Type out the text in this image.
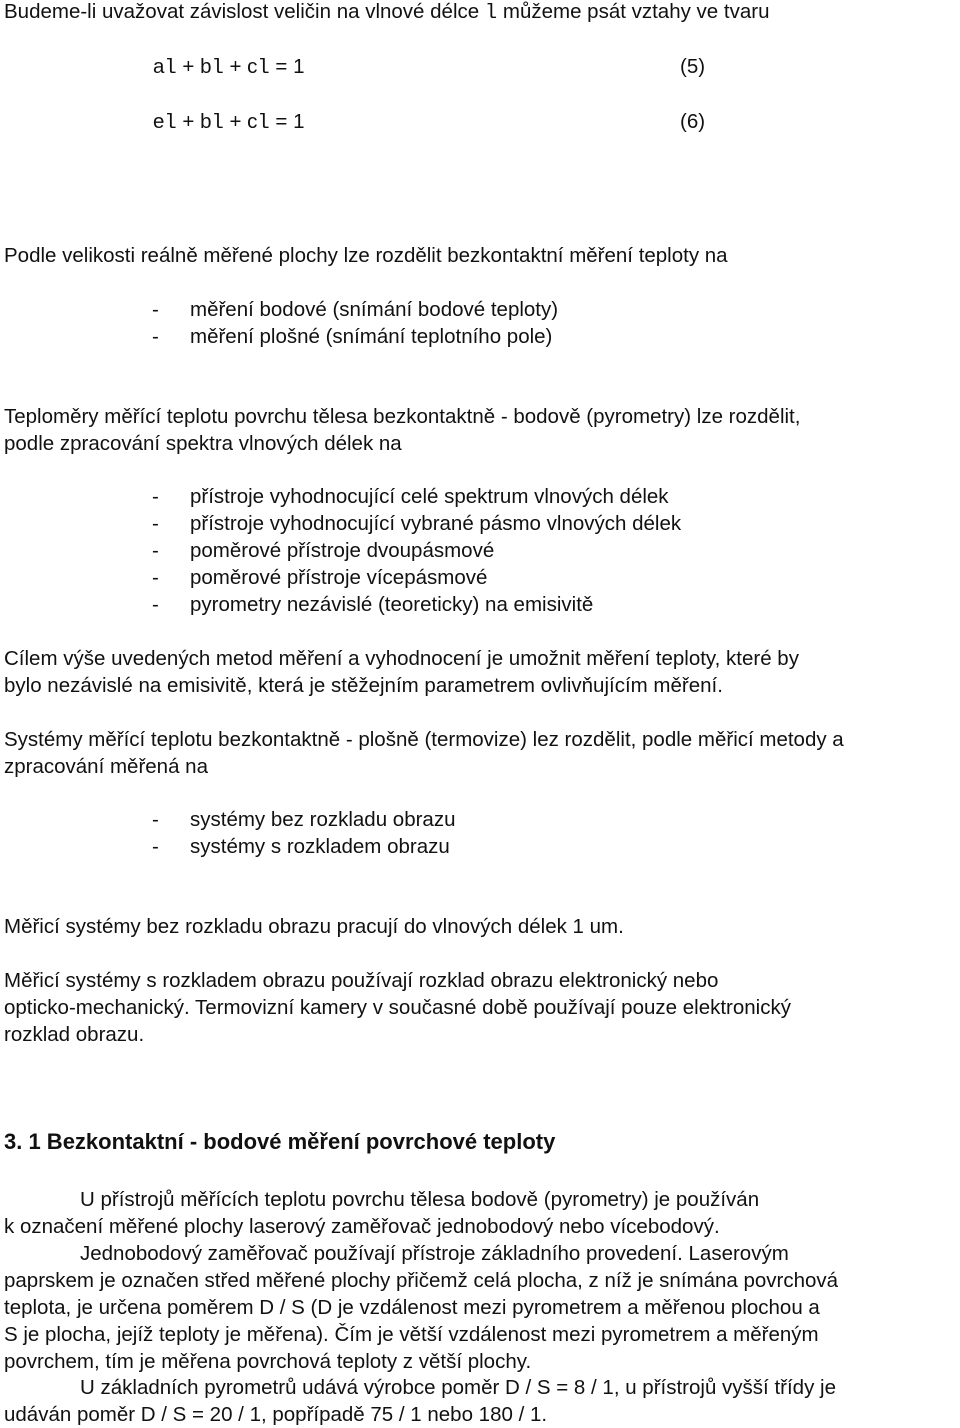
Budeme-li uvažovat závislost veličin na vlnové délce l můžeme psát vztahy ve tvaru
al + bl + cl = 1	(5)
el + bl + cl = 1	(6)
Podle velikosti reálně měřené plochy lze rozdělit bezkontaktní měření teploty na
- měření bodové (snímání bodové teploty)
- měření plošné (snímání teplotního pole)
Teploměry měřící teplotu povrchu tělesa bezkontaktně - bodově (pyrometry) lze rozdělit,
podle zpracování spektra vlnových délek na
- přístroje vyhodnocující celé spektrum vlnových délek
- přístroje vyhodnocující vybrané pásmo vlnových délek
- poměrové přístroje dvoupásmové
- poměrové přístroje vícepásmové
- pyrometry nezávislé (teoreticky) na emisivitě
Cílem výše uvedených metod měření a vyhodnocení je umožnit měření teploty, které by
bylo nezávislé na emisivitě, která je stěžejním parametrem ovlivňujícím měření.
Systémy měřící teplotu bezkontaktně - plošně (termovize) lez rozdělit, podle měřicí metody a
zpracování měřená na
- systémy bez rozkladu obrazu
- systémy s rozkladem obrazu
Měřicí systémy bez rozkladu obrazu pracují do vlnových délek 1 um.
Měřicí systémy s rozkladem obrazu používají rozklad obrazu elektronický nebo
opticko-mechanický. Termovizní kamery v současné době používají pouze elektronický
rozklad obrazu.
3. 1 Bezkontaktní - bodové měření povrchové teploty
U přístrojů měřících teplotu povrchu tělesa bodově (pyrometry) je používán
k označení měřené plochy laserový zaměřovač jednobodový nebo vícebodový.
Jednobodový zaměřovač používají přístroje základního provedení. Laserovým
paprskem je označen střed měřené plochy přičemž celá plocha, z níž je snímána povrchová
teplota, je určena poměrem D / S (D je vzdálenost mezi pyrometrem a měřenou plochou a
S je plocha, jejíž teploty je měřena). Čím je větší vzdálenost mezi pyrometrem a měřeným
povrchem, tím je měřena povrchová teploty z větší plochy.
U základních pyrometrů udává výrobce poměr D / S = 8 / 1, u přístrojů vyšší třídy je
udáván poměr D / S = 20 / 1, popřípadě 75 / 1 nebo 180 / 1.
